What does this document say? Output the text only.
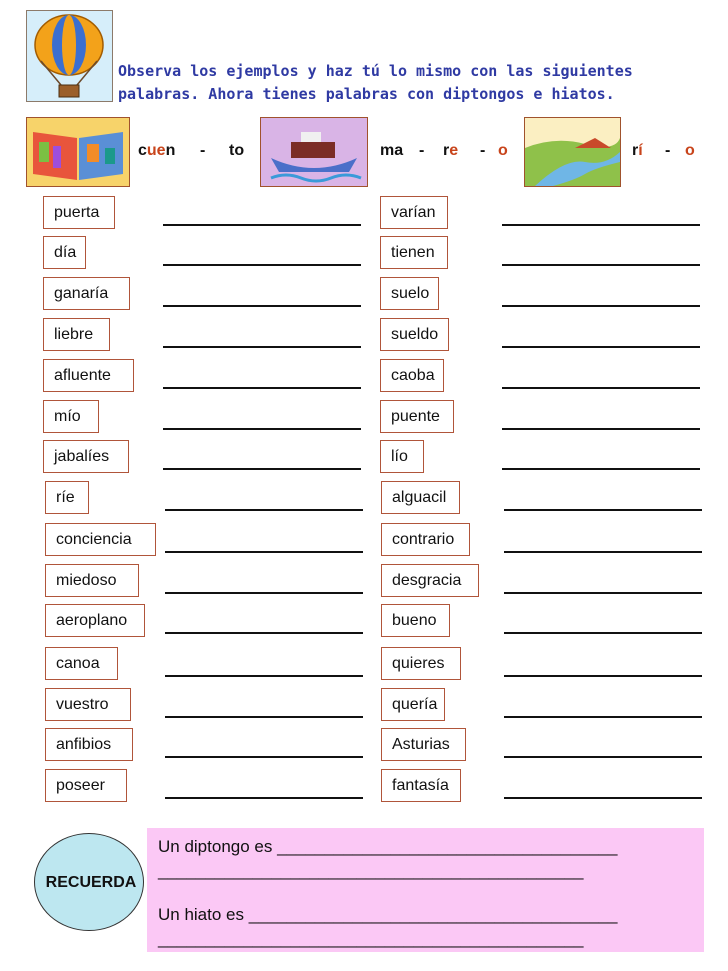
Observa los ejemplos y haz tú lo mismo con las siguientes palabras. Ahora tienes palabras con diptongos e hiatos.
cuen - to	ma - re - o	rí - o
puerta	varían
día	tienen
ganaría	suelo
liebre	sueldo
afluente	caoba
mío	puente
jabalíes	lío
ríe	alguacil
conciencia	contrario
miedoso	desgracia
aeroplano	bueno
canoa	quieres
vuestro	quería
anfibios	Asturias
poseer	fantasía
RECUERDA
Un diptongo es ____________________________________
_____________________________________________
Un hiato es _______________________________________
_____________________________________________
